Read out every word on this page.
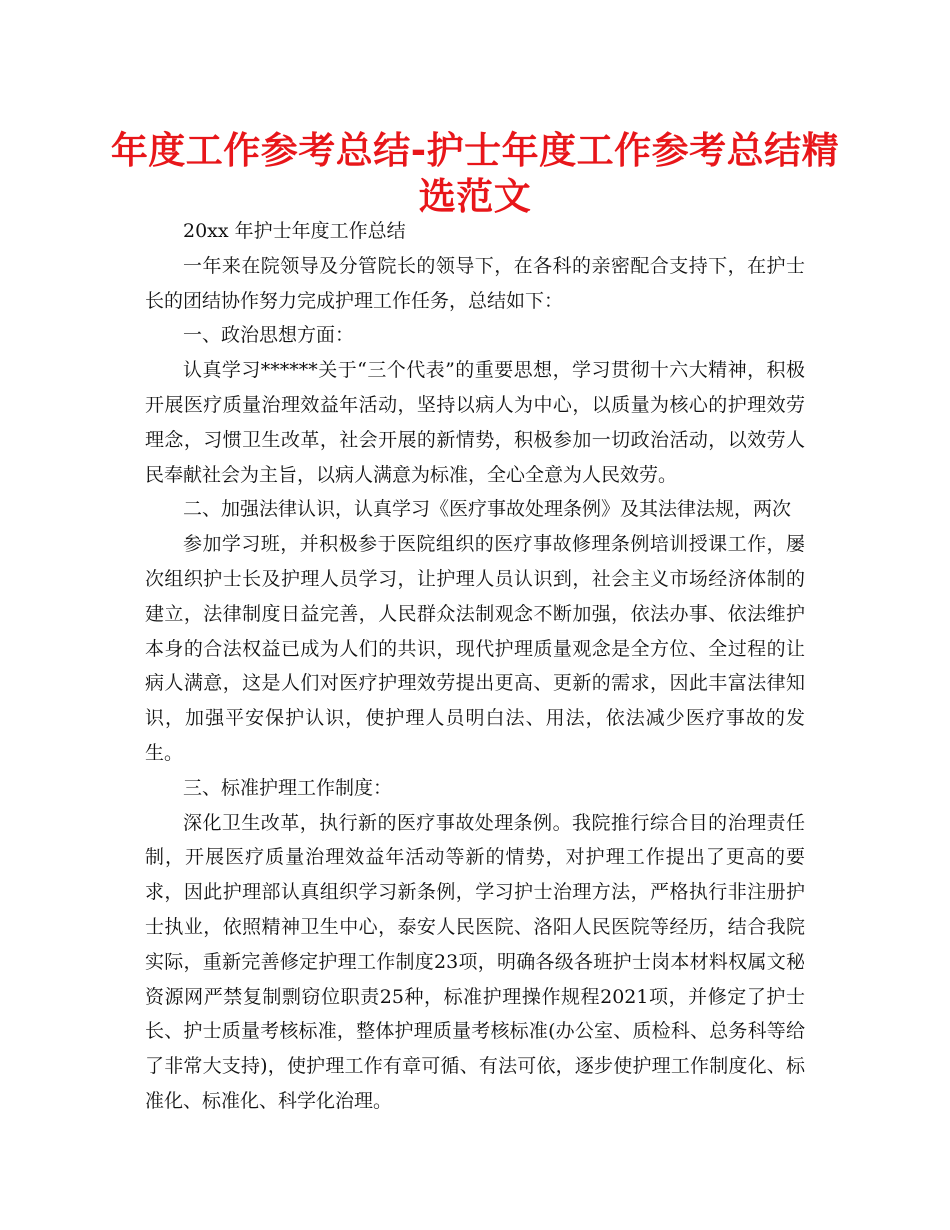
年度工作参考总结-护士年度工作参考总结精选范文

20xx 年护士年度工作总结

一年来在院领导及分管院长的领导下，在各科的亲密配合支持下，在护士长的团结协作努力完成护理工作任务，总结如下：

一、政治思想方面：

认真学习******关于“三个代表”的重要思想，学习贯彻十六大精神，积极开展医疗质量治理效益年活动，坚持以病人为中心，以质量为核心的护理效劳理念，习惯卫生改革，社会开展的新情势，积极参加一切政治活动，以效劳人民奉献社会为主旨，以病人满意为标准，全心全意为人民效劳。

二、加强法律认识，认真学习《医疗事故处理条例》及其法律法规，两次

参加学习班，并积极参于医院组织的医疗事故修理条例培训授课工作，屡次组织护士长及护理人员学习，让护理人员认识到，社会主义市场经济体制的建立，法律制度日益完善，人民群众法制观念不断加强，依法办事、依法维护本身的合法权益已成为人们的共识，现代护理质量观念是全方位、全过程的让病人满意，这是人们对医疗护理效劳提出更高、更新的需求，因此丰富法律知识，加强平安保护认识，使护理人员明白法、用法，依法减少医疗事故的发生。

三、标准护理工作制度：

深化卫生改革，执行新的医疗事故处理条例。我院推行综合目的治理责任制，开展医疗质量治理效益年活动等新的情势，对护理工作提出了更高的要求，因此护理部认真组织学习新条例，学习护士治理方法，严格执行非注册护士执业，依照精神卫生中心，泰安人民医院、洛阳人民医院等经历，结合我院实际，重新完善修定护理工作制度23项，明确各级各班护士岗本材料权属文秘资源网严禁复制剽窃位职责25种，标准护理操作规程2021项，并修定了护士长、护士质量考核标准，整体护理质量考核标准(办公室、质检科、总务科等给了非常大支持)，使护理工作有章可循、有法可依，逐步使护理工作制度化、标准化、标准化、科学化治理。
